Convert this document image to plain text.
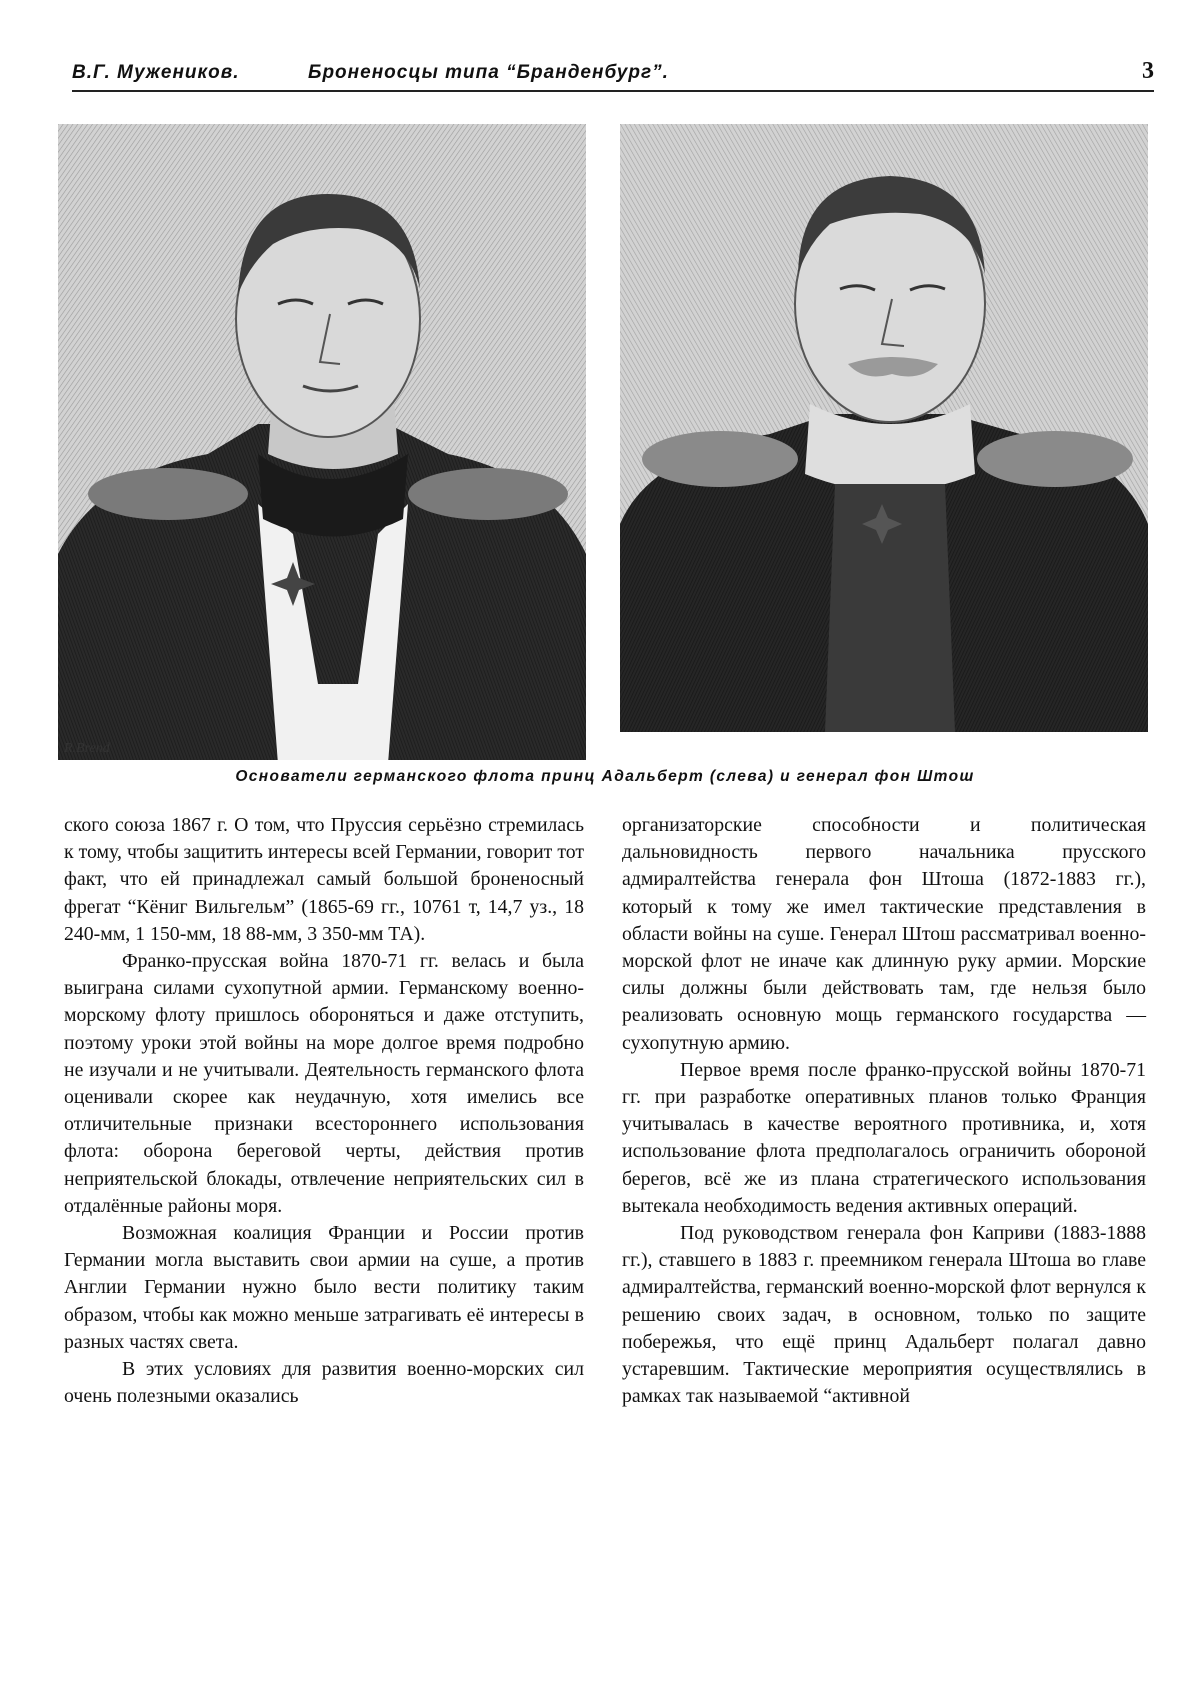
В.Г. Мужеников.	Броненосцы типа “Бранденбург”.	3
R.Brend
Основатели германского флота принц Адальберт (слева) и генерал фон Штош

ского союза 1867 г. О том, что Пруссия серьёзно стремилась к тому, чтобы защитить интересы всей Германии, говорит тот факт, что ей принадлежал самый большой броненосный фрегат “Кёниг Вильгельм” (1865-69 гг., 10761 т, 14,7 уз., 18 240-мм, 1 150-мм, 18 88-мм, 3 350-мм ТА).

Франко-прусская война 1870-71 гг. велась и была выиграна силами сухопутной армии. Германскому военно-морскому флоту пришлось обороняться и даже отступить, поэтому уроки этой войны на море долгое время подробно не изучали и не учитывали. Деятельность германского флота оценивали скорее как неудачную, хотя имелись все отличительные признаки всестороннего использования флота: оборона береговой черты, действия против неприятельской блокады, отвлечение неприятельских сил в отдалённые районы моря.

Возможная коалиция Франции и России против Германии могла выставить свои армии на суше, а против Англии Германии нужно было вести политику таким образом, чтобы как можно меньше затрагивать её интересы в разных частях света.

В этих условиях для развития военно-морских сил очень полезными оказались

организаторские способности и политическая дальновидность первого начальника прусского адмиралтейства генерала фон Штоша (1872-1883 гг.), который к тому же имел тактические представления в области войны на суше. Генерал Штош рассматривал военно-морской флот не иначе как длинную руку армии. Морские силы должны были действовать там, где нельзя было реализовать основную мощь германского государства — сухопутную армию.

Первое время после франко-прусской войны 1870-71 гг. при разработке оперативных планов только Франция учитывалась в качестве вероятного противника, и, хотя использование флота предполагалось ограничить обороной берегов, всё же из плана стратегического использования вытекала необходимость ведения активных операций.

Под руководством генерала фон Каприви (1883-1888 гг.), ставшего в 1883 г. преемником генерала Штоша во главе адмиралтейства, германский военно-морской флот вернулся к решению своих задач, в основном, только по защите побережья, что ещё принц Адальберт полагал давно устаревшим. Тактические мероприятия осуществлялись в рамках так называемой “активной
